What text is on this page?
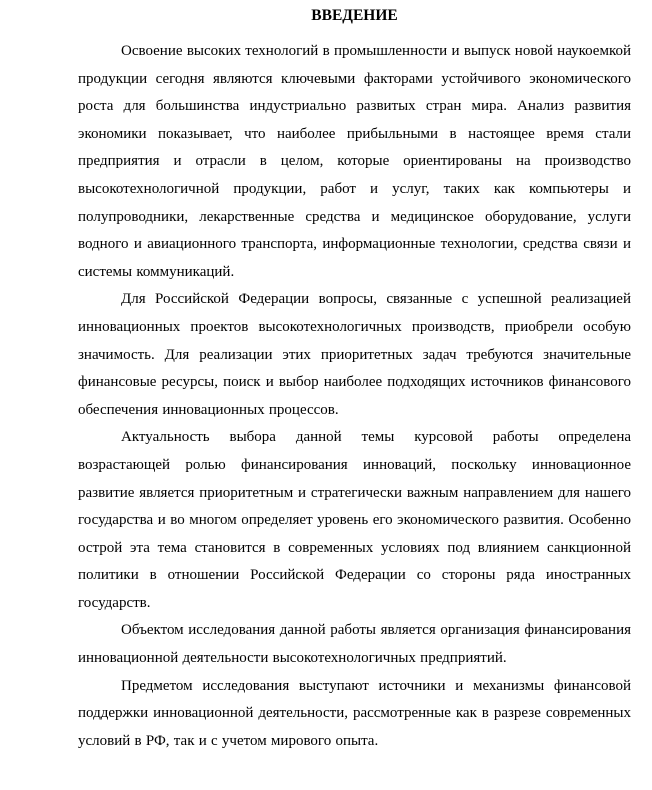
ВВЕДЕНИЕ

Освоение высоких технологий в промышленности и выпуск новой наукоемкой продукции сегодня являются ключевыми факторами устойчивого экономического роста для большинства индустриально развитых стран мира. Анализ развития экономики показывает, что наиболее прибыльными в настоящее время стали предприятия и отрасли в целом, которые ориентированы на производство высокотехнологичной продукции, работ и услуг, таких как компьютеры и полупроводники, лекарственные средства и медицинское оборудование, услуги водного и авиационного транспорта, информационные технологии, средства связи и системы коммуникаций.

Для Российской Федерации вопросы, связанные с успешной реализацией инновационных проектов высокотехнологичных производств, приобрели особую значимость. Для реализации этих приоритетных задач требуются значительные финансовые ресурсы, поиск и выбор наиболее подходящих источников финансового обеспечения инновационных процессов.

Актуальность выбора данной темы курсовой работы определена возрастающей ролью финансирования инноваций, поскольку инновационное развитие является приоритетным и стратегически важным направлением для нашего государства и во многом определяет уровень его экономического развития. Особенно острой эта тема становится в современных условиях под влиянием санкционной политики в отношении Российской Федерации со стороны ряда иностранных государств.

Объектом исследования данной работы является организация финансирования инновационной деятельности высокотехнологичных предприятий.

Предметом исследования выступают источники и механизмы финансовой поддержки инновационной деятельности, рассмотренные как в разрезе современных условий в РФ, так и с учетом мирового опыта.
